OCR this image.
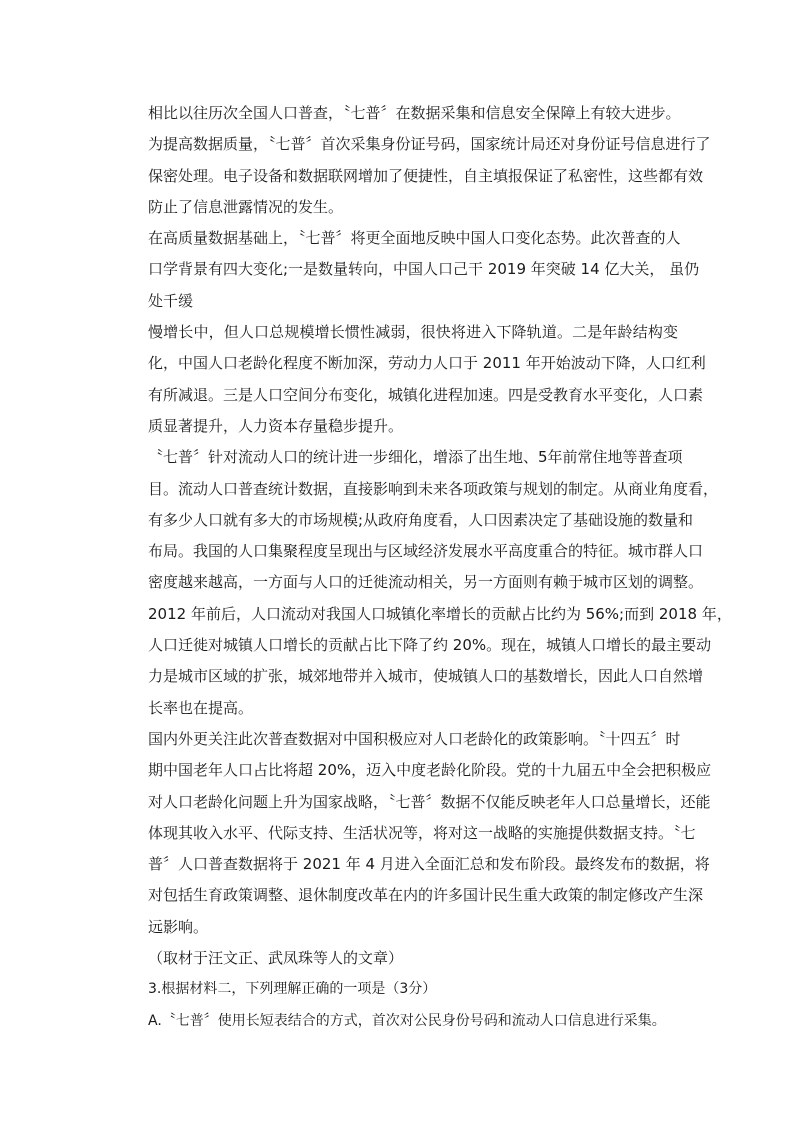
相比以往历次全国人口普查，〝七普〞在数据采集和信息安全保障上有较大进步。
为提高数据质量，〝七普〞首次采集身份证号码，国家统计局还对身份证号信息进行了
保密处理。电子设备和数据联网增加了便捷性，自主填报保证了私密性，这些都有效
防止了信息泄露情况的发生。

在高质量数据基础上，〝七普〞将更全面地反映中国人口变化态势。此次普查的人
口学背景有四大变化;一是数量转向，中国人口己干 2019 年突破 14 亿大关， 虽仍
处千缓

慢增长中，但人口总规模增长惯性减弱，很快将进入下降轨道。二是年龄结构变
化，中国人口老龄化程度不断加深，劳动力人口于 2011 年开始波动下降，人口红利
有所减退。三是人口空间分布变化，城镇化进程加速。四是受教育水平变化，人口素
质显著提升，人力资本存量稳步提升。

〝七普〞针对流动人口的统计进一步细化，增添了出生地、5年前常住地等普查项
目。流动人口普查统计数据，直接影响到未来各项政策与规划的制定。从商业角度看，
有多少人口就有多大的市场规模;从政府角度看，人口因素决定了基础设施的数量和
布局。我国的人口集聚程度呈现出与区域经济发展水平高度重合的特征。城市群人口
密度越来越高，一方面与人口的迁徙流动相关，另一方面则有赖于城市区划的调整。
2012 年前后，人口流动对我国人口城镇化率增长的贡献占比约为 56%;而到 2018 年，
人口迁徙对城镇人口增长的贡献占比下降了约 20%。现在，城镇人口增长的最主要动
力是城市区域的扩张，城郊地带并入城市，使城镇人口的基数增长，因此人口自然增
长率也在提高。

国内外更关注此次普查数据对中国积极应对人口老龄化的政策影响。〝十四五〞时
期中国老年人口占比将超 20%，迈入中度老龄化阶段。党的十九届五中全会把积极应
对人口老龄化问题上升为国家战略，〝七普〞数据不仅能反映老年人口总量增长，还能
体现其收入水平、代际支持、生活状况等，将对这一战略的实施提供数据支持。〝七
普〞人口普查数据将于 2021 年 4 月进入全面汇总和发布阶段。最终发布的数据，将
对包括生育政策调整、退休制度改革在内的许多国计民生重大政策的制定修改产生深
远影响。

（取材于汪文正、武凤珠等人的文章）

3.根据材料二，下列理解正确的一项是（3分）

A.〝七普〞使用长短表结合的方式，首次对公民身份号码和流动人口信息进行采集。
